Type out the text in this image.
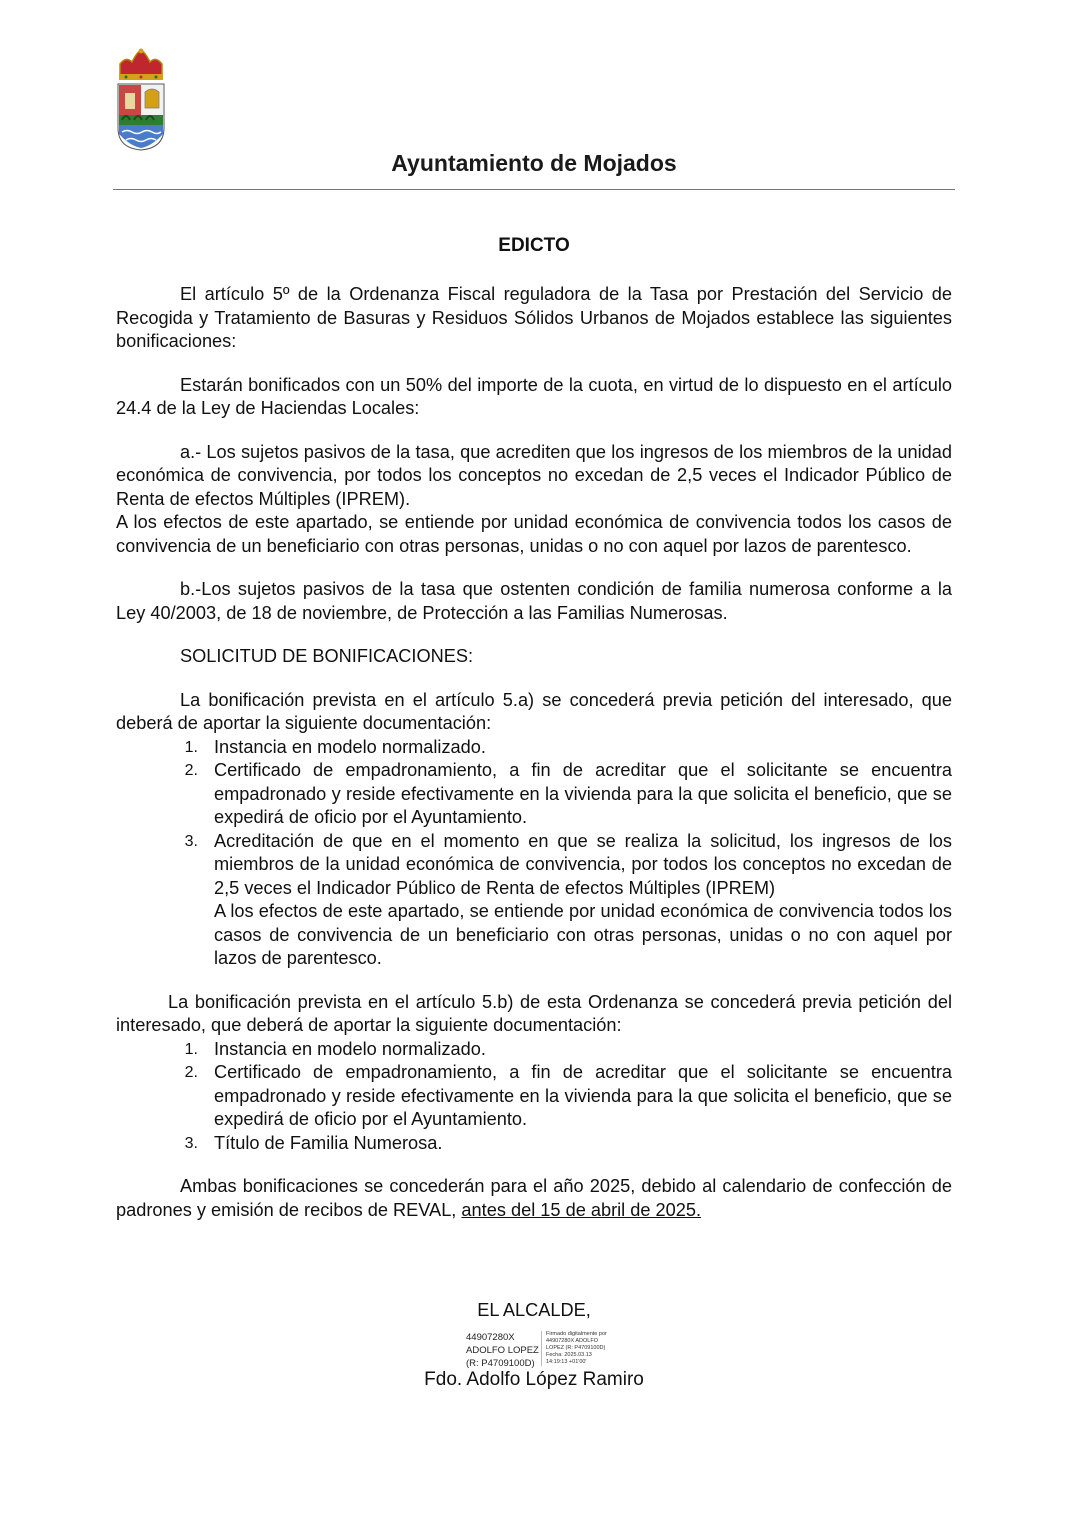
Ayuntamiento de Mojados
EDICTO

El artículo 5º de la Ordenanza Fiscal reguladora de la Tasa por Prestación del Servicio de Recogida y Tratamiento de Basuras y Residuos Sólidos Urbanos de Mojados establece las siguientes bonificaciones:

Estarán bonificados con un 50% del importe de la cuota, en virtud de lo dispuesto en el artículo 24.4 de la Ley de Haciendas Locales:

a.- Los sujetos pasivos de la tasa, que acrediten que los ingresos de los miembros de la unidad económica de convivencia, por todos los conceptos no excedan de 2,5 veces el Indicador Público de Renta de efectos Múltiples (IPREM).

A los efectos de este apartado, se entiende por unidad económica de convivencia todos los casos de convivencia de un beneficiario con otras personas, unidas o no con aquel por lazos de parentesco.

b.-Los sujetos pasivos de la tasa que ostenten condición de familia numerosa conforme a la Ley 40/2003, de 18 de noviembre, de Protección a las Familias Numerosas.

SOLICITUD DE BONIFICACIONES:

La bonificación prevista en el artículo 5.a) se concederá previa petición del interesado, que deberá de aportar la siguiente documentación:

1. Instancia en modelo normalizado.
2. Certificado de empadronamiento, a fin de acreditar que el solicitante se encuentra empadronado y reside efectivamente en la vivienda para la que solicita el beneficio, que se expedirá de oficio por el Ayuntamiento.
3. Acreditación de que en el momento en que se realiza la solicitud, los ingresos de los miembros de la unidad económica de convivencia, por todos los conceptos no excedan de 2,5 veces el Indicador Público de Renta de efectos Múltiples (IPREM)
A los efectos de este apartado, se entiende por unidad económica de convivencia todos los casos de convivencia de un beneficiario con otras personas, unidas o no con aquel por lazos de parentesco.

La bonificación prevista en el artículo 5.b) de esta Ordenanza se concederá previa petición del interesado, que deberá de aportar la siguiente documentación:

1. Instancia en modelo normalizado.
2. Certificado de empadronamiento, a fin de acreditar que el solicitante se encuentra empadronado y reside efectivamente en la vivienda para la que solicita el beneficio, que se expedirá de oficio por el Ayuntamiento.
3. Título de Familia Numerosa.

Ambas bonificaciones se concederán para el año 2025, debido al calendario de confección de padrones y emisión de recibos de REVAL, antes del 15 de abril de 2025.

EL ALCALDE,
44907280X
ADOLFO LOPEZ
(R: P4709100D)
Firmado digitalmente por
44907280X ADOLFO
LOPEZ (R: P4709100D)
Fecha: 2025.03.13
14:19:13 +01'00'
Fdo. Adolfo López Ramiro
